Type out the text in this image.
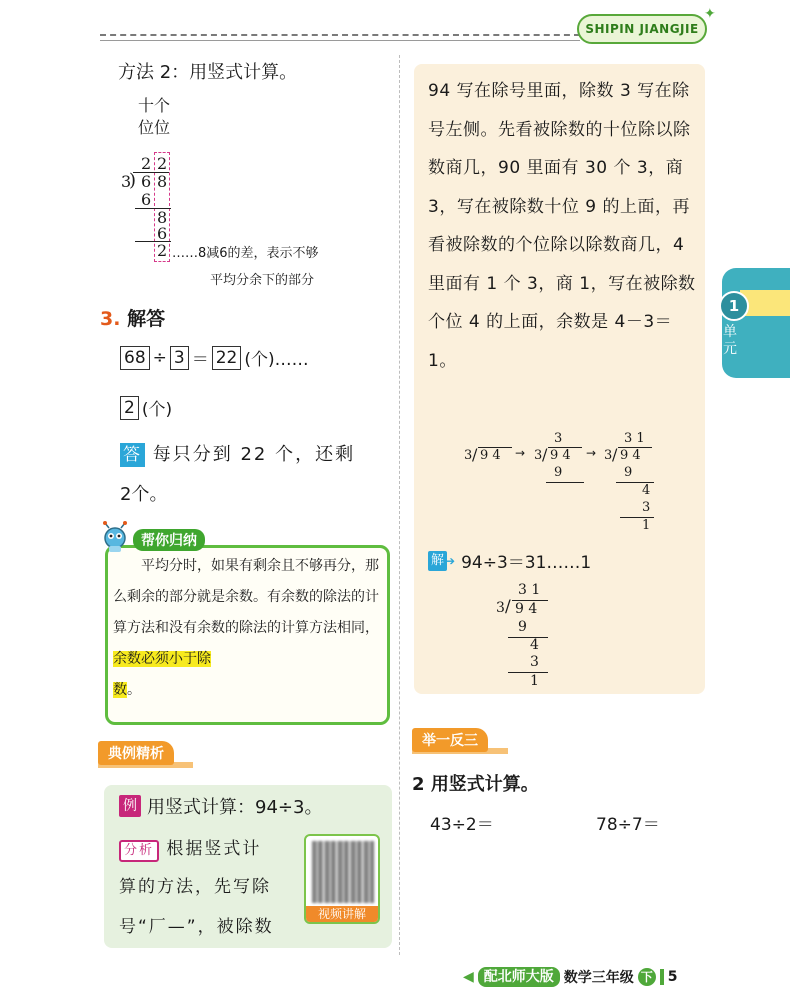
SHIPIN JIANGJIE
✦
方法 2：用竖式计算。
十个
位位
2 2
3
) 6 8
6
8
6
2 ……8减6的差，表示不够
平均分余下的部分
3. 解答
68 ÷ 3 ＝ 22 (个)……
2 (个)
答 每只分到 22 个，还剩
2个。
帮你归纳
平均分时，如果有剩余且不够再分，那么剩余的部分就是余数。有余数的除法的计算方法和没有余数的除法的计算方法相同，余数必须小于除
数。
典例精析
例 用竖式计算：94÷3。
分析 根据竖式计
算的方法，先写除
号“厂—”，被除数
视频讲解
94 写在除号里面，除数 3 写在除号左侧。先看被除数的十位除以除数商几，90 里面有 30 个 3，商 3，写在被除数十位 9 的上面，再看被除数的个位除以除数商几，4 里面有 1 个 3，商 1，写在被除数个位 4 的上面，余数是 4－3＝1。
3 / 9 4 →
3
3 / 9 4
9
→
3 1
3 / 9 4
9
4
3
1
解 ➔ 94÷3＝31……1
3 1
3 / 9 4
9
4
3
1
1
单元
举一反三
2 用竖式计算。
43÷2＝	78÷7＝
◀ 配北师大版 数学三年级 下 5
